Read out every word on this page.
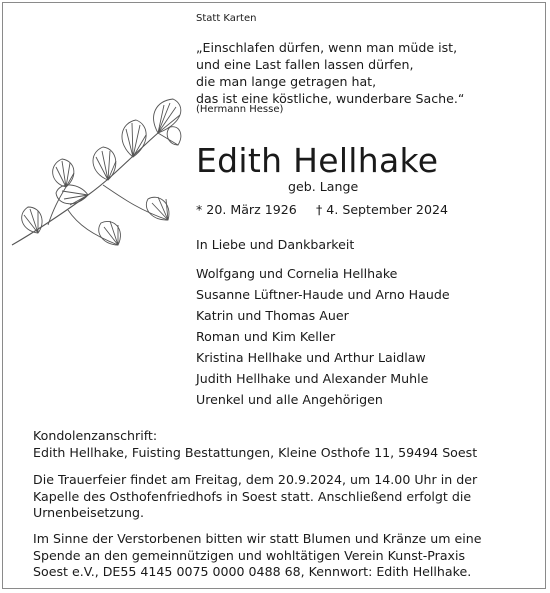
Statt Karten
„Einschlafen dürfen, wenn man müde ist,
und eine Last fallen lassen dürfen,
die man lange getragen hat,
das ist eine köstliche, wunderbare Sache.“
(Hermann Hesse)
Edith Hellhake
geb. Lange
* 20. März 1926 † 4. September 2024
In Liebe und Dankbarkeit
Wolfgang und Cornelia Hellhake
Susanne Lüftner-Haude und Arno Haude
Katrin und Thomas Auer
Roman und Kim Keller
Kristina Hellhake und Arthur Laidlaw
Judith Hellhake und Alexander Muhle
Urenkel und alle Angehörigen
Kondolenzanschrift:
Edith Hellhake, Fuisting Bestattungen, Kleine Osthofe 11, 59494 Soest
Die Trauerfeier findet am Freitag, dem 20.9.2024, um 14.00 Uhr in der
Kapelle des Osthofenfriedhofs in Soest statt. Anschließend erfolgt die
Urnenbeisetzung.
Im Sinne der Verstorbenen bitten wir statt Blumen und Kränze um eine
Spende an den gemeinnützigen und wohltätigen Verein Kunst-Praxis
Soest e.V., DE55 4145 0075 0000 0488 68, Kennwort: Edith Hellhake.
